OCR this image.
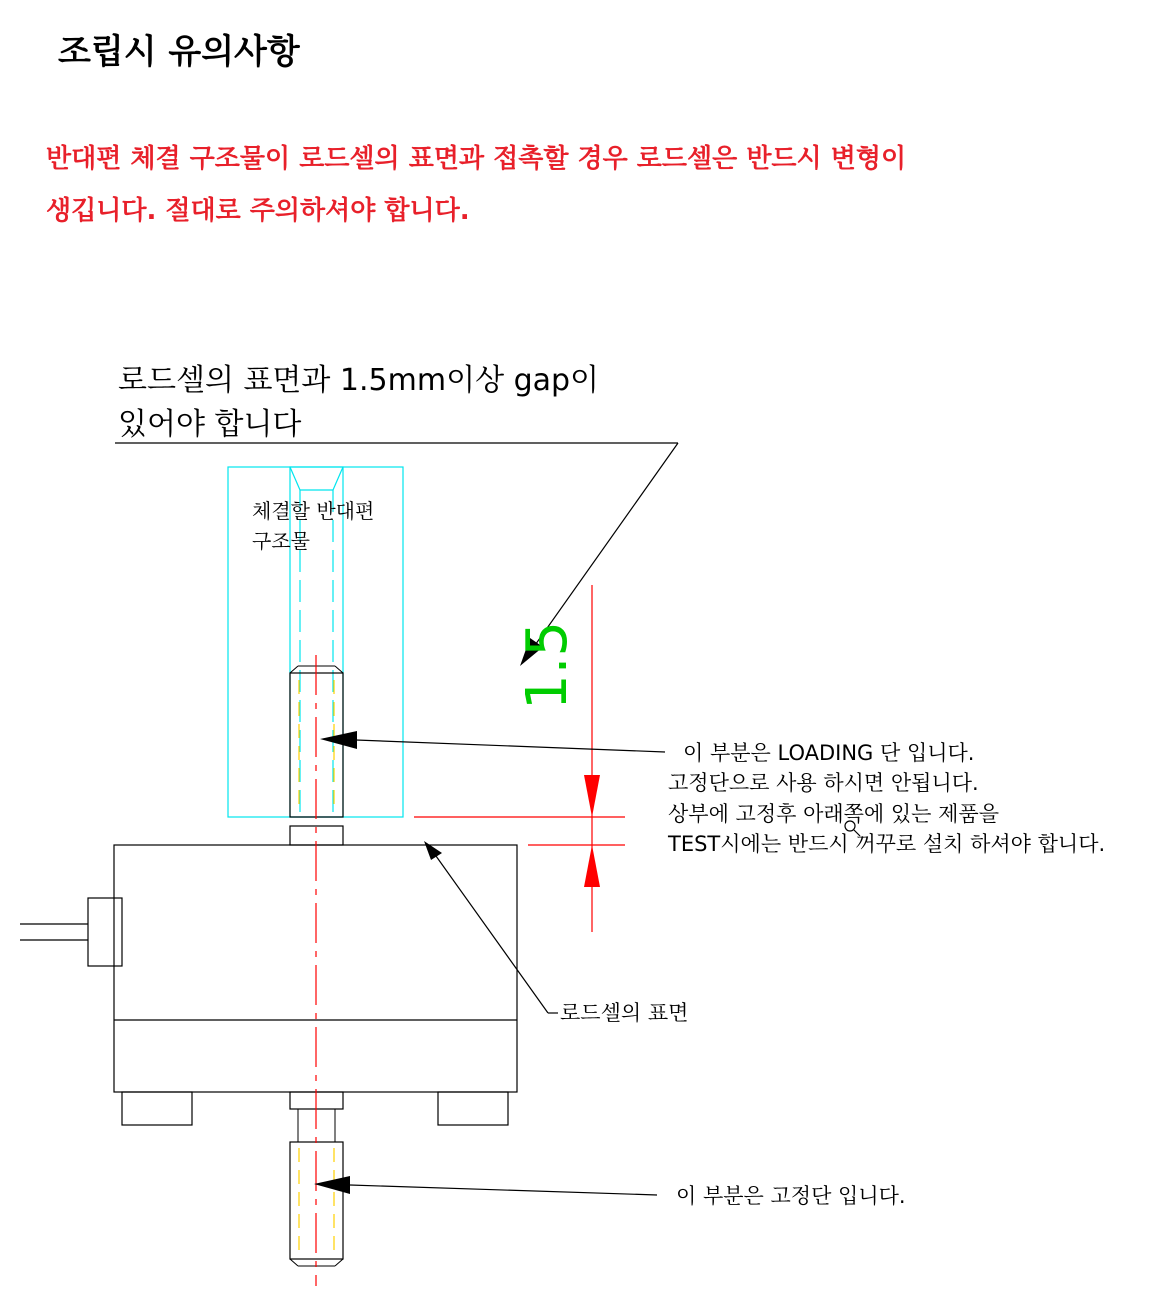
조립시 유의사항

반대편 체결 구조물이 로드셀의 표면과 접촉할 경우 로드셀은 반드시 변형이

생깁니다. 절대로 주의하셔야 합니다.

로드셀의 표면과 1.5mm이상 gap이
있어야 합니다
체결할 반대편
구조물
1.5
이 부분은 LOADING 단 입니다.
고정단으로 사용 하시면 안됩니다.
상부에 고정후 아래쪽에 있는 제품을
TEST시에는 반드시 꺼꾸로 설치 하셔야 합니다.
로드셀의 표면
이 부분은 고정단 입니다.
